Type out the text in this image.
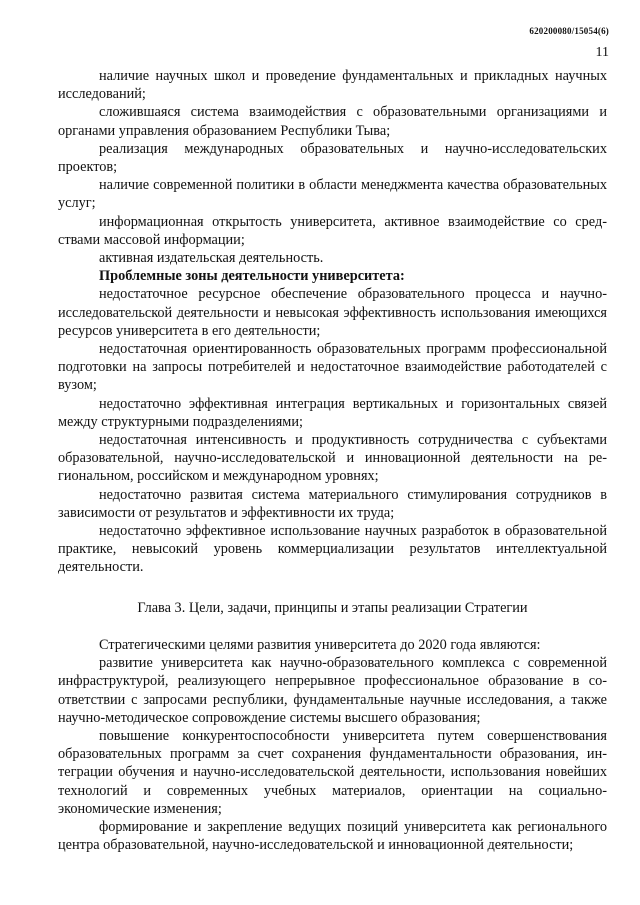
620200080/15054(6)
11

наличие научных школ и проведение фундаментальных и прикладных научных исследований;

сложившаяся система взаимодействия с образовательными организациями и органами управления образованием Республики Тыва;

реализация международных образовательных и научно-исследовательских проектов;

наличие современной политики в области менеджмента качества образовательных услуг;

информационная открытость университета, активное взаимодействие со средствами массовой информации;

активная издательская деятельность.

Проблемные зоны деятельности университета:

недостаточное ресурсное обеспечение образовательного процесса и научно-исследовательской деятельности и невысокая эффективность использования имеющихся ресурсов университета в его деятельности;

недостаточная ориентированность образовательных программ профессиональной подготовки на запросы потребителей и недостаточное взаимодействие работодателей с вузом;

недостаточно эффективная интеграция вертикальных и горизонтальных связей между структурными подразделениями;

недостаточная интенсивность и продуктивность сотрудничества с субъектами образовательной, научно-исследовательской и инновационной деятельности на региональном, российском и международном уровнях;

недостаточно развитая система материального стимулирования сотрудников в зависимости от результатов и эффективности их труда;

недостаточно эффективное использование научных разработок в образовательной практике, невысокий уровень коммерциализации результатов интеллектуальной деятельности.

Глава 3. Цели, задачи, принципы и этапы реализации Стратегии

Стратегическими целями развития университета до 2020 года являются:

развитие университета как научно-образовательного комплекса с современной инфраструктурой, реализующего непрерывное профессиональное образование в соответствии с запросами республики, фундаментальные научные исследования, а также научно-методическое сопровождение системы высшего образования;

повышение конкурентоспособности университета путем совершенствования образовательных программ за счет сохранения фундаментальности образования, интеграции обучения и научно-исследовательской деятельности, использования новейших технологий и современных учебных материалов, ориентации на социально-экономические изменения;

формирование и закрепление ведущих позиций университета как регионального центра образовательной, научно-исследовательской и инновационной деятельности;
